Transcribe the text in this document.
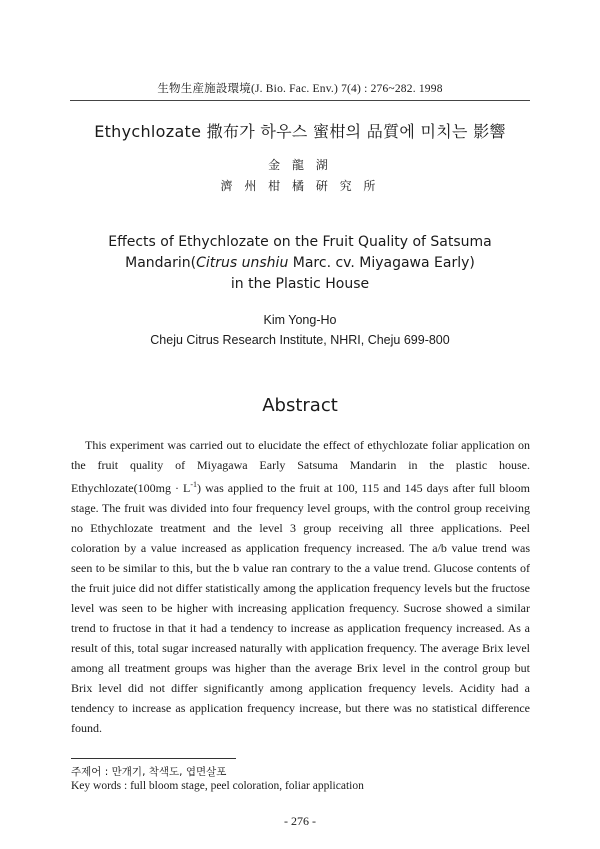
生物生産施設環境(J. Bio. Fac. Env.) 7(4) : 276~282. 1998
Ethychlozate 撒布가 하우스 蜜柑의 品質에 미치는 影響
金 龍 湖
濟 州 柑 橘 硏 究 所
Effects of Ethychlozate on the Fruit Quality of Satsuma
Mandarin(Citrus unshiu Marc. cv. Miyagawa Early)
in the Plastic House
Kim Yong-Ho
Cheju Citrus Research Institute, NHRI, Cheju 699-800
Abstract

This experiment was carried out to elucidate the effect of ethychlozate foliar application on the fruit quality of Miyagawa Early Satsuma Mandarin in the plastic house. Ethychlozate(100mg · $L^{-1}$) was applied to the fruit at 100, 115 and 145 days after full bloom stage. The fruit was divided into four frequency level groups, with the control group receiving no Ethychlozate treatment and the level 3 group receiving all three applications. Peel coloration by a value increased as application frequency increased. The a/b value trend was seen to be similar to this, but the b value ran contrary to the a value trend. Glucose contents of the fruit juice did not differ statistically among the application frequency levels but the fructose level was seen to be higher with increasing application frequency. Sucrose showed a similar trend to fructose in that it had a tendency to increase as application frequency increased. As a result of this, total sugar increased naturally with application frequency. The average Brix level among all treatment groups was higher than the average Brix level in the control group but Brix level did not differ significantly among application frequency levels. Acidity had a tendency to increase as application frequency increase, but there was no statistical difference found.

주제어 : 만개기, 착색도, 엽면살포
Key words : full bloom stage, peel coloration, foliar application
- 276 -
